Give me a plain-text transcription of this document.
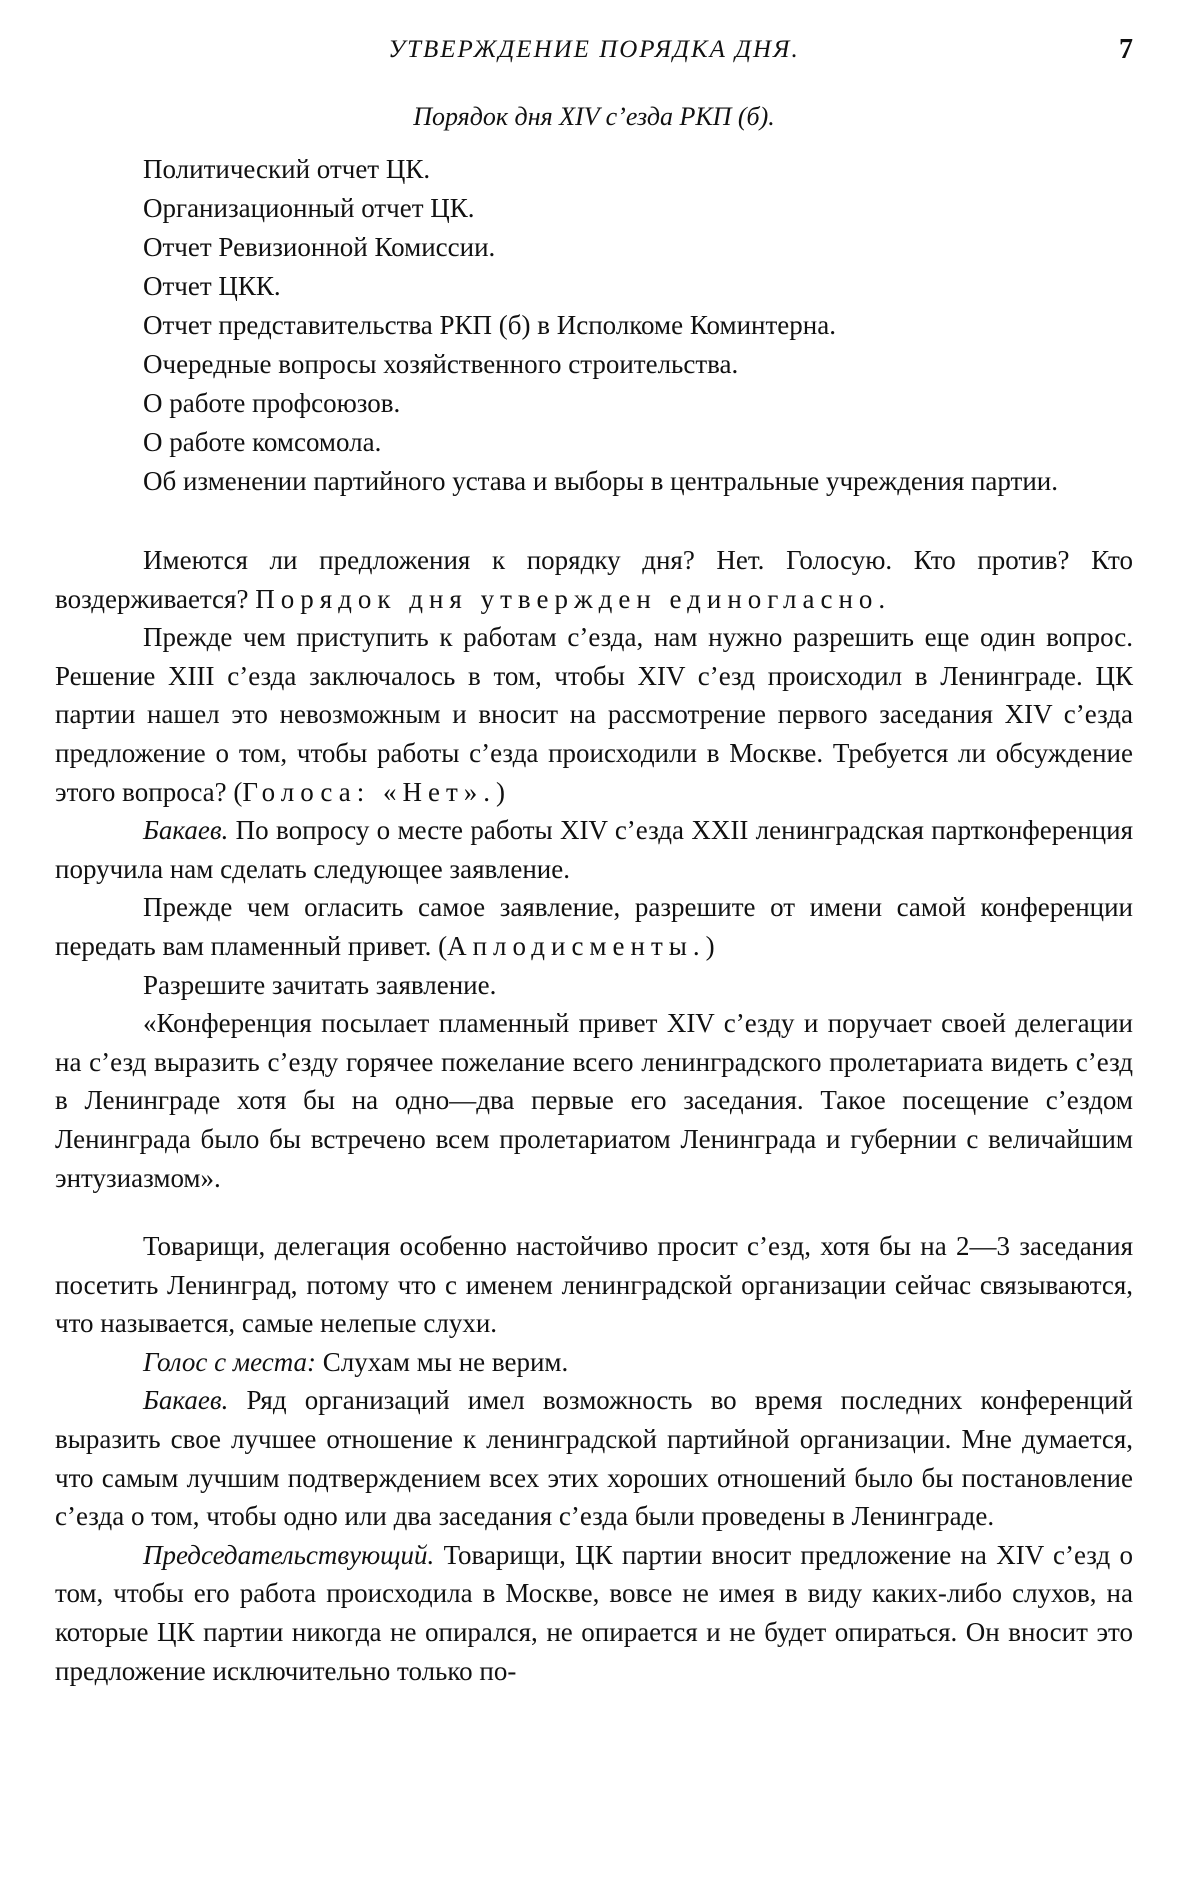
УТВЕРЖДЕНИЕ ПОРЯДКА ДНЯ.	7
Порядок дня XIV с’езда РКП (б).
Политический отчет ЦК.
Организационный отчет ЦК.
Отчет Ревизионной Комиссии.
Отчет ЦКК.
Отчет представительства РКП (б) в Исполкоме Коминтерна.
Очередные вопросы хозяйственного строительства.
О работе профсоюзов.
О работе комсомола.
Об изменении партийного устава и выборы в центральные учреждения партии.

Имеются ли предложения к порядку дня? Нет. Голосую. Кто против? Кто воздерживается? Порядок дня утвержден единогласно.

Прежде чем приступить к работам с’езда, нам нужно разрешить еще один вопрос. Решение XIII с’езда заключалось в том, чтобы XIV с’езд происходил в Ленинграде. ЦК партии нашел это невозможным и вносит на рассмотрение первого заседания XIV с’езда предложение о том, чтобы работы с’езда происходили в Москве. Требуется ли обсуждение этого вопроса? (Голоса: «Нет».)

Бакаев. По вопросу о месте работы XIV с’езда XXII ленинградская партконференция поручила нам сделать следующее заявление.

Прежде чем огласить самое заявление, разрешите от имени самой конференции передать вам пламенный привет. (Аплодисменты.)

Разрешите зачитать заявление.

«Конференция посылает пламенный привет XIV с’езду и поручает своей делегации на с’езд выразить с’езду горячее пожелание всего ленинградского пролетариата видеть с’езд в Ленинграде хотя бы на одно—два первые его заседания. Такое посещение с’ездом Ленинграда было бы встречено всем пролетариатом Ленинграда и губернии с величайшим энтузиазмом».

Товарищи, делегация особенно настойчиво просит с’езд, хотя бы на 2—3 заседания посетить Ленинград, потому что с именем ленинградской организации сейчас связываются, что называется, самые нелепые слухи.

Голос с места: Слухам мы не верим.

Бакаев. Ряд организаций имел возможность во время последних конференций выразить свое лучшее отношение к ленинградской партийной организации. Мне думается, что самым лучшим подтверждением всех этих хороших отношений было бы постановление с’езда о том, чтобы одно или два заседания с’езда были проведены в Ленинграде.

Председательствующий. Товарищи, ЦК партии вносит предложение на XIV с’езд о том, чтобы его работа происходила в Москве, вовсе не имея в виду каких-либо слухов, на которые ЦК партии никогда не опирался, не опирается и не будет опираться. Он вносит это предложение исключительно только по-
